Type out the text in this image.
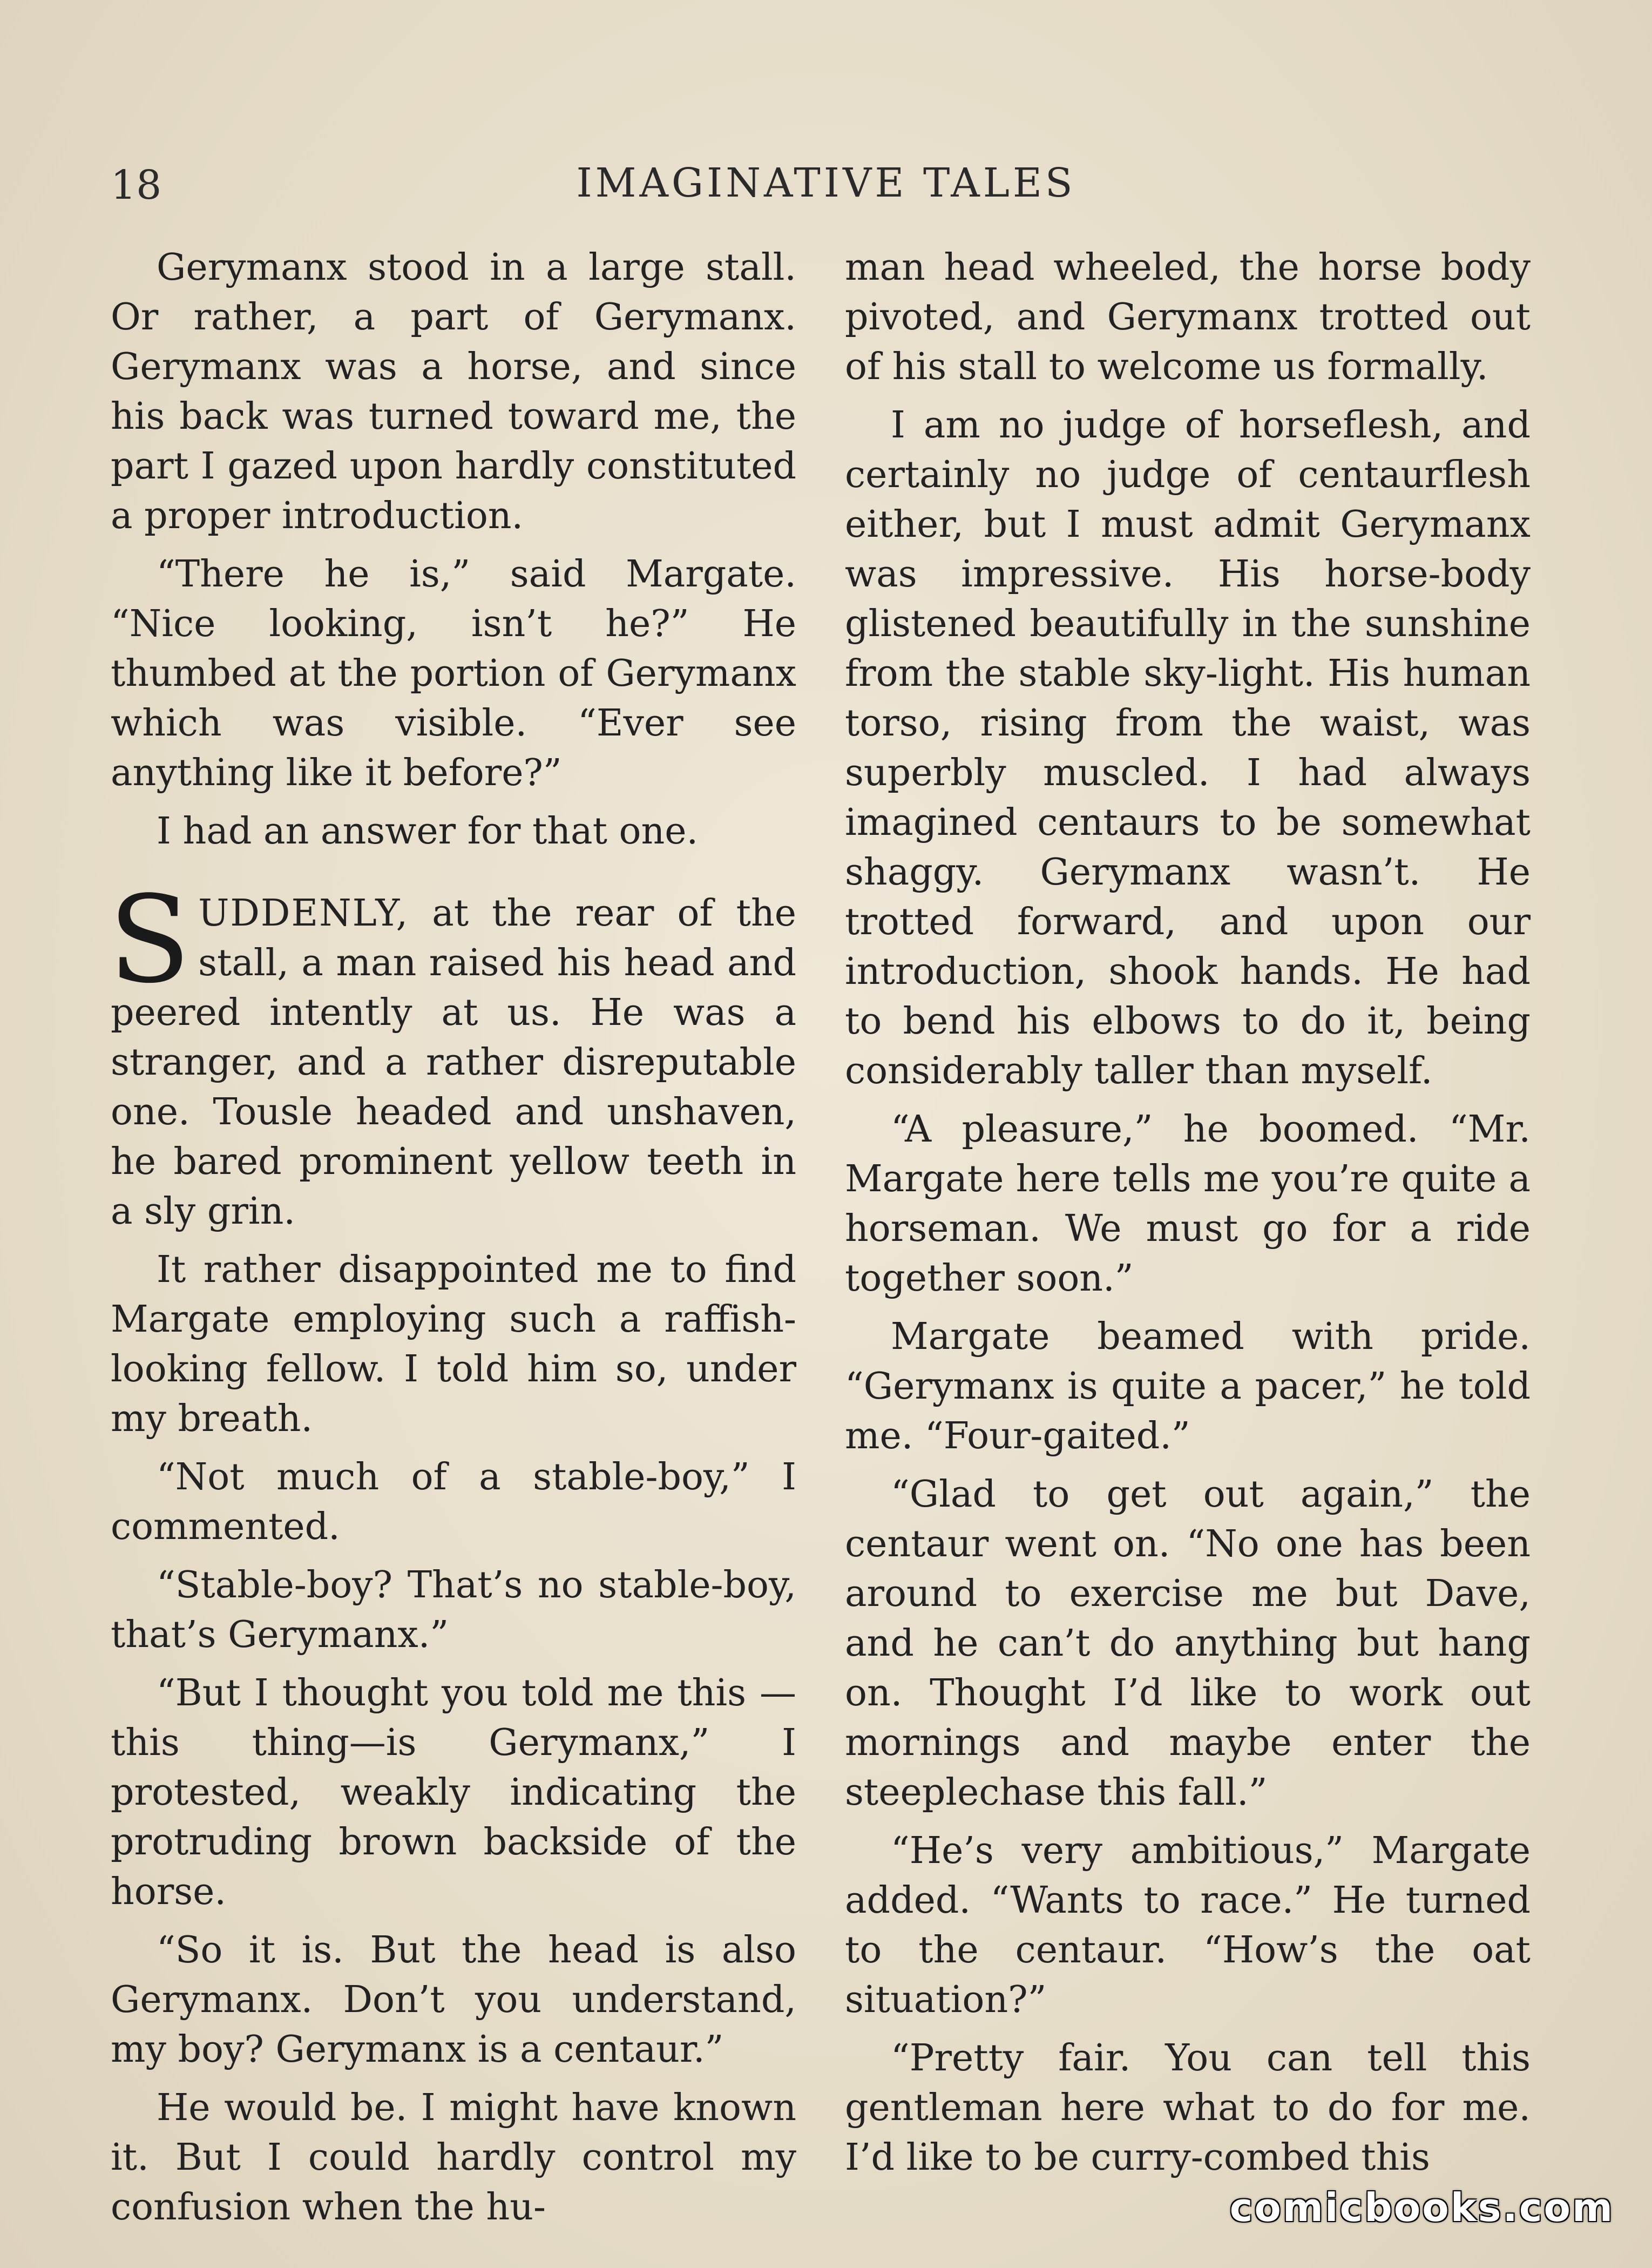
18	IMAGINATIVE TALES

Gerymanx stood in a large stall. Or rather, a part of Gerymanx. Gerymanx was a horse, and since his back was turned toward me, the part I gazed upon hardly constituted a proper introduction.

“There he is,” said Margate. “Nice looking, isn’t he?” He thumbed at the portion of Gerymanx which was visible. “Ever see anything like it before?”

I had an answer for that one.

SUDDENLY, at the rear of the stall, a man raised his head and peered intently at us. He was a stranger, and a rather disreputable one. Tousle headed and unshaven, he bared prominent yellow teeth in a sly grin.

It rather disappointed me to find Margate employing such a raffish-looking fellow. I told him so, under my breath.

“Not much of a stable-boy,” I commented.

“Stable-boy? That’s no stable-boy, that’s Gerymanx.”

“But I thought you told me this —this thing—is Gerymanx,” I protested, weakly indicating the protruding brown backside of the horse.

“So it is. But the head is also Gerymanx. Don’t you understand, my boy? Gerymanx is a centaur.”

He would be. I might have known it. But I could hardly control my confusion when the hu-

man head wheeled, the horse body pivoted, and Gerymanx trotted out of his stall to welcome us formally.

I am no judge of horseflesh, and certainly no judge of centaurflesh either, but I must admit Gerymanx was impressive. His horse-body glistened beautifully in the sunshine from the stable sky-light. His human torso, rising from the waist, was superbly muscled. I had always imagined centaurs to be somewhat shaggy. Gerymanx wasn’t. He trotted forward, and upon our introduction, shook hands. He had to bend his elbows to do it, being considerably taller than myself.

“A pleasure,” he boomed. “Mr. Margate here tells me you’re quite a horseman. We must go for a ride together soon.”

Margate beamed with pride. “Gerymanx is quite a pacer,” he told me. “Four-gaited.”

“Glad to get out again,” the centaur went on. “No one has been around to exercise me but Dave, and he can’t do anything but hang on. Thought I’d like to work out mornings and maybe enter the steeplechase this fall.”

“He’s very ambitious,” Margate added. “Wants to race.” He turned to the centaur. “How’s the oat situation?”

“Pretty fair. You can tell this gentleman here what to do for me. I’d like to be curry-combed this

comicbooks.com
